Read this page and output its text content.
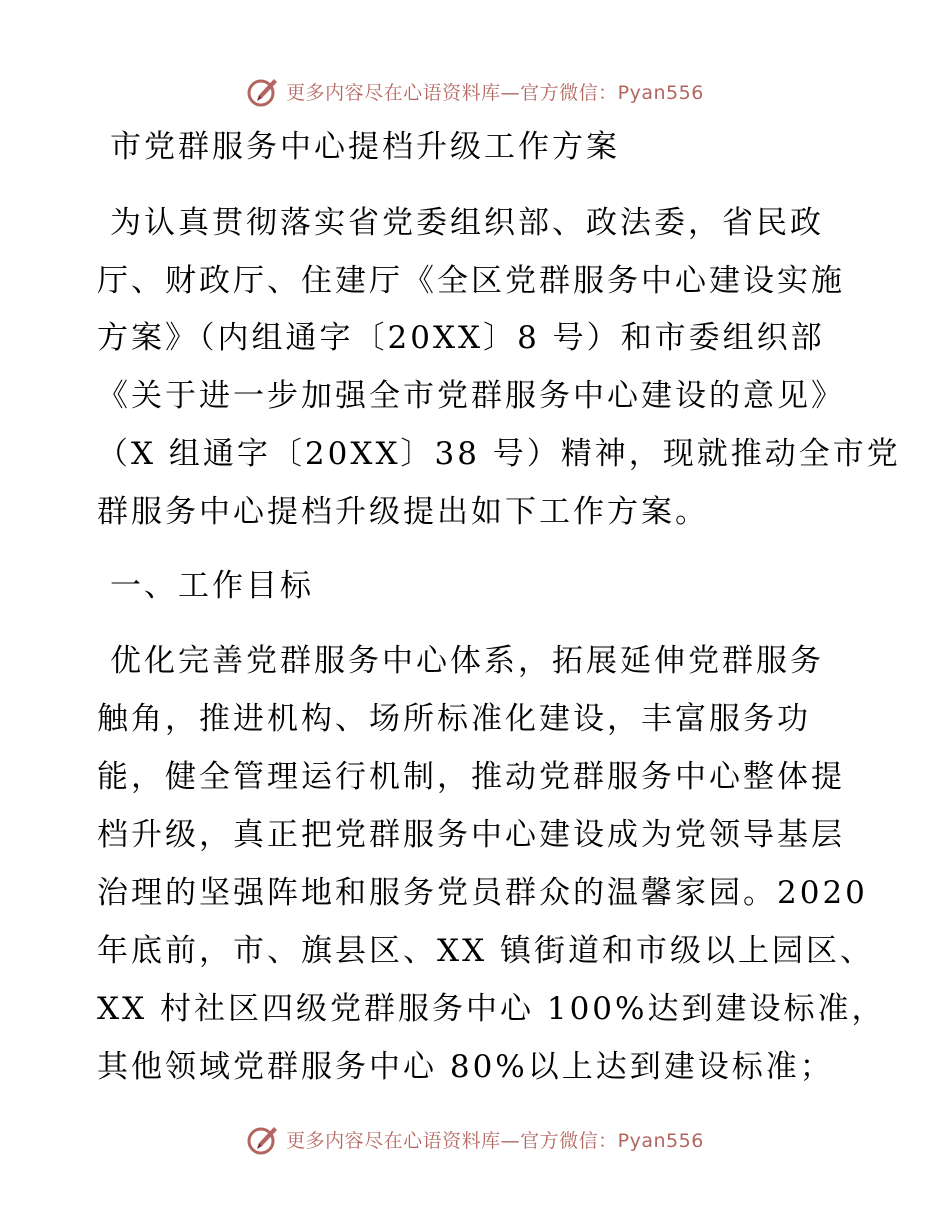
更多内容尽在心语资料库—官方微信：Pyan556
市党群服务中心提档升级工作方案
为认真贯彻落实省党委组织部、政法委，省民政
厅、财政厅、住建厅《全区党群服务中心建设实施
方案》（内组通字〔20XX〕8 号）和市委组织部
《关于进一步加强全市党群服务中心建设的意见》
（X 组通字〔20XX〕38 号）精神，现就推动全市党
群服务中心提档升级提出如下工作方案。
一、工作目标
优化完善党群服务中心体系，拓展延伸党群服务
触角，推进机构、场所标准化建设，丰富服务功
能，健全管理运行机制，推动党群服务中心整体提
档升级，真正把党群服务中心建设成为党领导基层
治理的坚强阵地和服务党员群众的温馨家园。2020
年底前，市、旗县区、XX 镇街道和市级以上园区、
XX 村社区四级党群服务中心 100%达到建设标准，
其他领域党群服务中心 80%以上达到建设标准；
更多内容尽在心语资料库—官方微信：Pyan556
